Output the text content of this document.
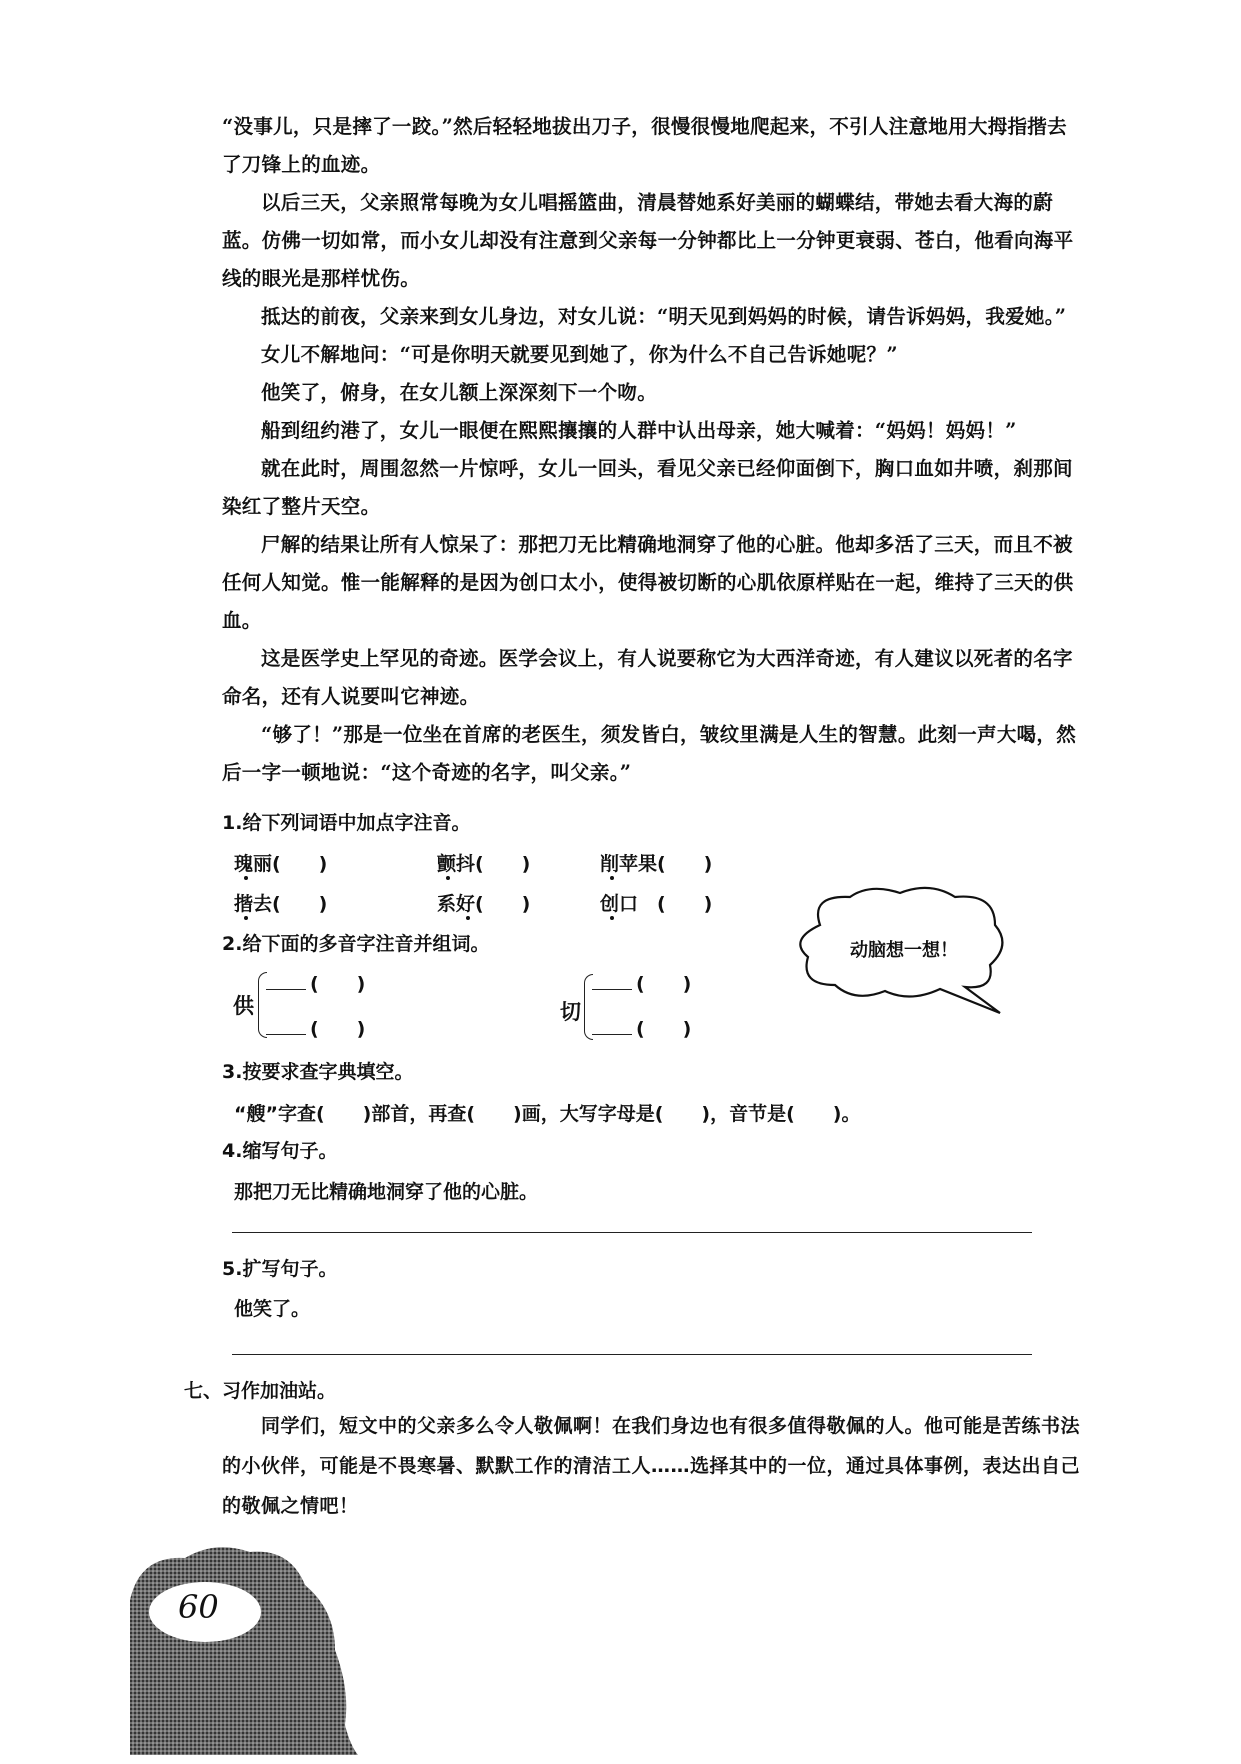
“没事儿，只是摔了一跤。”然后轻轻地拔出刀子，很慢很慢地爬起来，不引人注意地用大拇指揩去了刀锋上的血迹。
以后三天，父亲照常每晚为女儿唱摇篮曲，清晨替她系好美丽的蝴蝶结，带她去看大海的蔚蓝。仿佛一切如常，而小女儿却没有注意到父亲每一分钟都比上一分钟更衰弱、苍白，他看向海平线的眼光是那样忧伤。
抵达的前夜，父亲来到女儿身边，对女儿说：“明天见到妈妈的时候，请告诉妈妈，我爱她。”
女儿不解地问：“可是你明天就要见到她了，你为什么不自己告诉她呢？”
他笑了，俯身，在女儿额上深深刻下一个吻。
船到纽约港了，女儿一眼便在熙熙攘攘的人群中认出母亲，她大喊着：“妈妈！妈妈！”
就在此时，周围忽然一片惊呼，女儿一回头，看见父亲已经仰面倒下，胸口血如井喷，刹那间染红了整片天空。
尸解的结果让所有人惊呆了：那把刀无比精确地洞穿了他的心脏。他却多活了三天，而且不被任何人知觉。惟一能解释的是因为创口太小，使得被切断的心肌依原样贴在一起，维持了三天的供血。
这是医学史上罕见的奇迹。医学会议上，有人说要称它为大西洋奇迹，有人建议以死者的名字命名，还有人说要叫它神迹。
“够了！”那是一位坐在首席的老医生，须发皆白，皱纹里满是人生的智慧。此刻一声大喝，然后一字一顿地说：“这个奇迹的名字，叫父亲。”
1.给下列词语中加点字注音。
瑰丽(　　)	颤抖(　　)	削苹果(　　)
揩去(　　)	系好(　　)	创口　(　　)
2.给下面的多音字注音并组词。
供
(　　)
(　　)
切
(　　)
(　　)
动脑想一想！
3.按要求查字典填空。
“艘”字查(　　)部首，再查(　　)画，大写字母是(　　)，音节是(　　)。
4.缩写句子。
那把刀无比精确地洞穿了他的心脏。
5.扩写句子。
他笑了。
七、习作加油站。
同学们，短文中的父亲多么令人敬佩啊！在我们身边也有很多值得敬佩的人。他可能是苦练书法的小伙伴，可能是不畏寒暑、默默工作的清洁工人……选择其中的一位，通过具体事例，表达出自己的敬佩之情吧！
60
